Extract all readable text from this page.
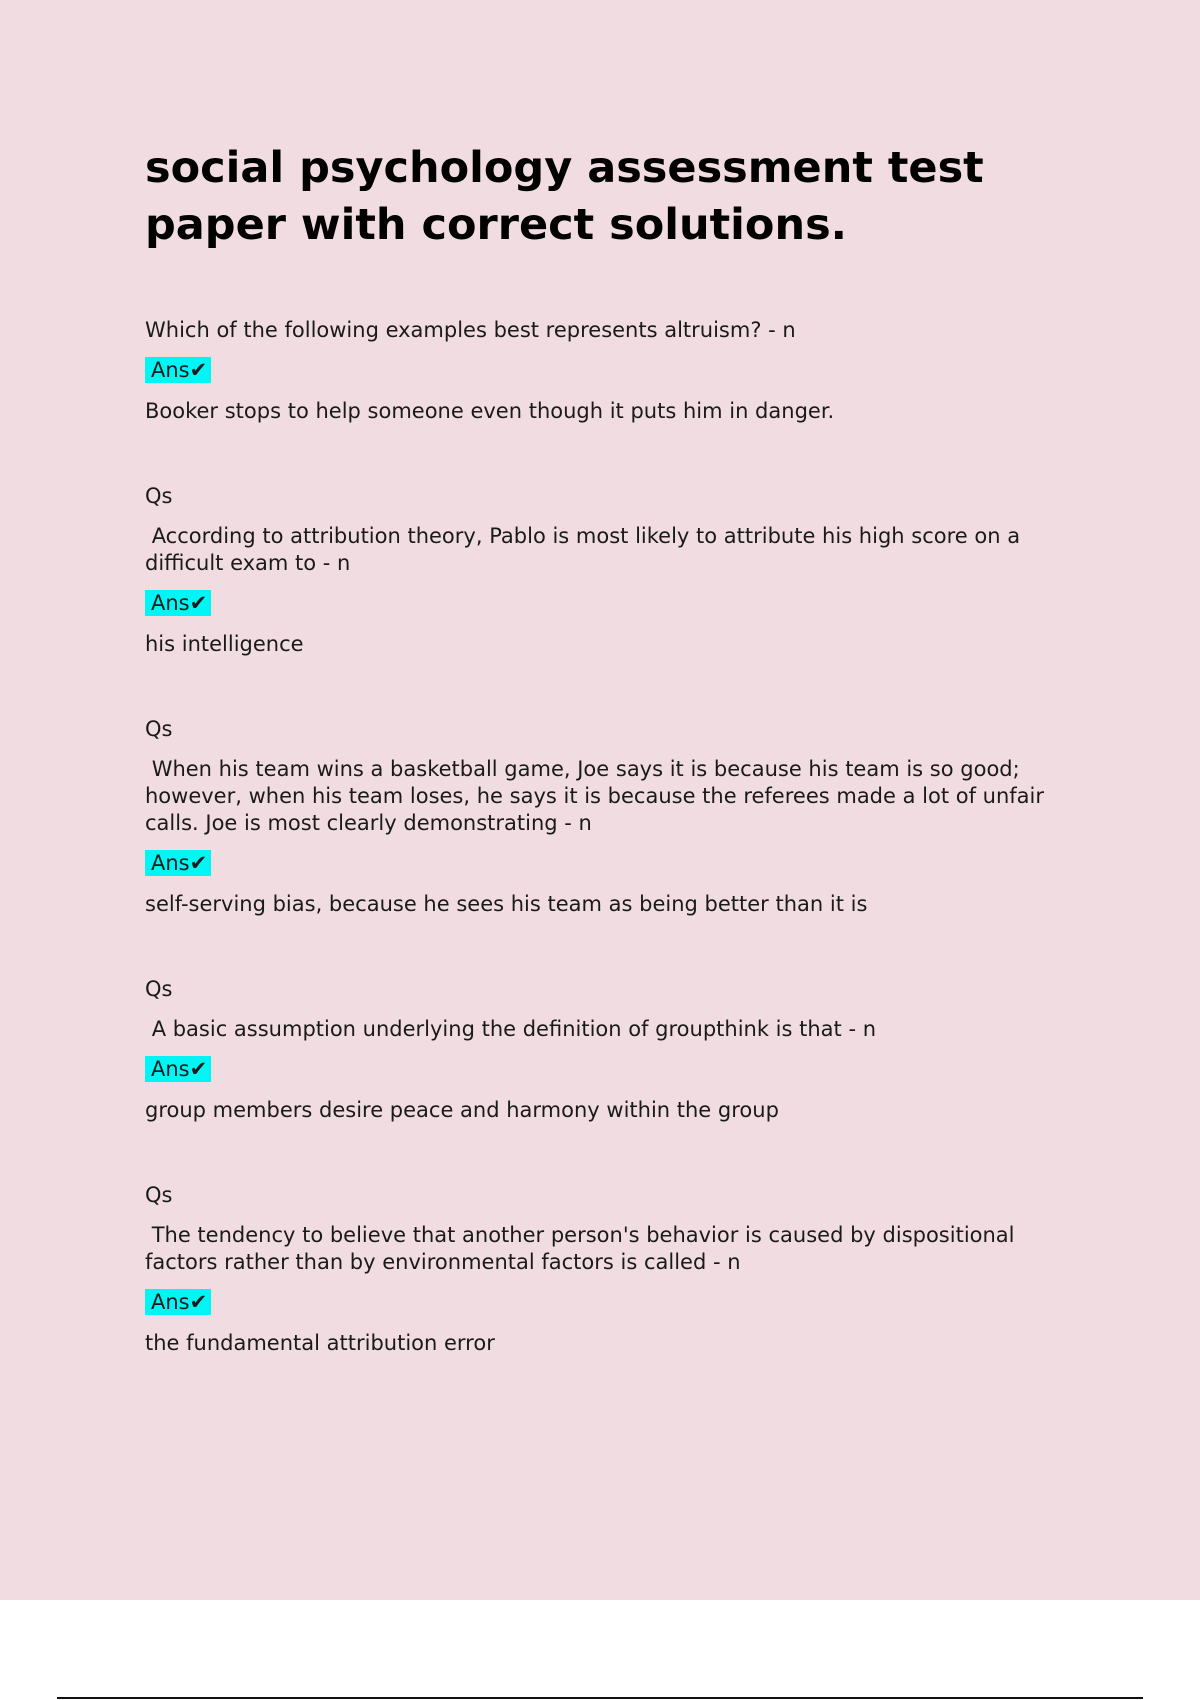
social psychology assessment test paper with correct solutions.

Which of the following examples best represents altruism? - n

Ans✔

Booker stops to help someone even though it puts him in danger.

Qs

According to attribution theory, Pablo is most likely to attribute his high score on a difficult exam to - n

Ans✔

his intelligence

Qs

When his team wins a basketball game, Joe says it is because his team is so good; however, when his team loses, he says it is because the referees made a lot of unfair calls. Joe is most clearly demonstrating - n

Ans✔

self-serving bias, because he sees his team as being better than it is

Qs

A basic assumption underlying the definition of groupthink is that - n

Ans✔

group members desire peace and harmony within the group

Qs

The tendency to believe that another person's behavior is caused by dispositional factors rather than by environmental factors is called - n

Ans✔

the fundamental attribution error
